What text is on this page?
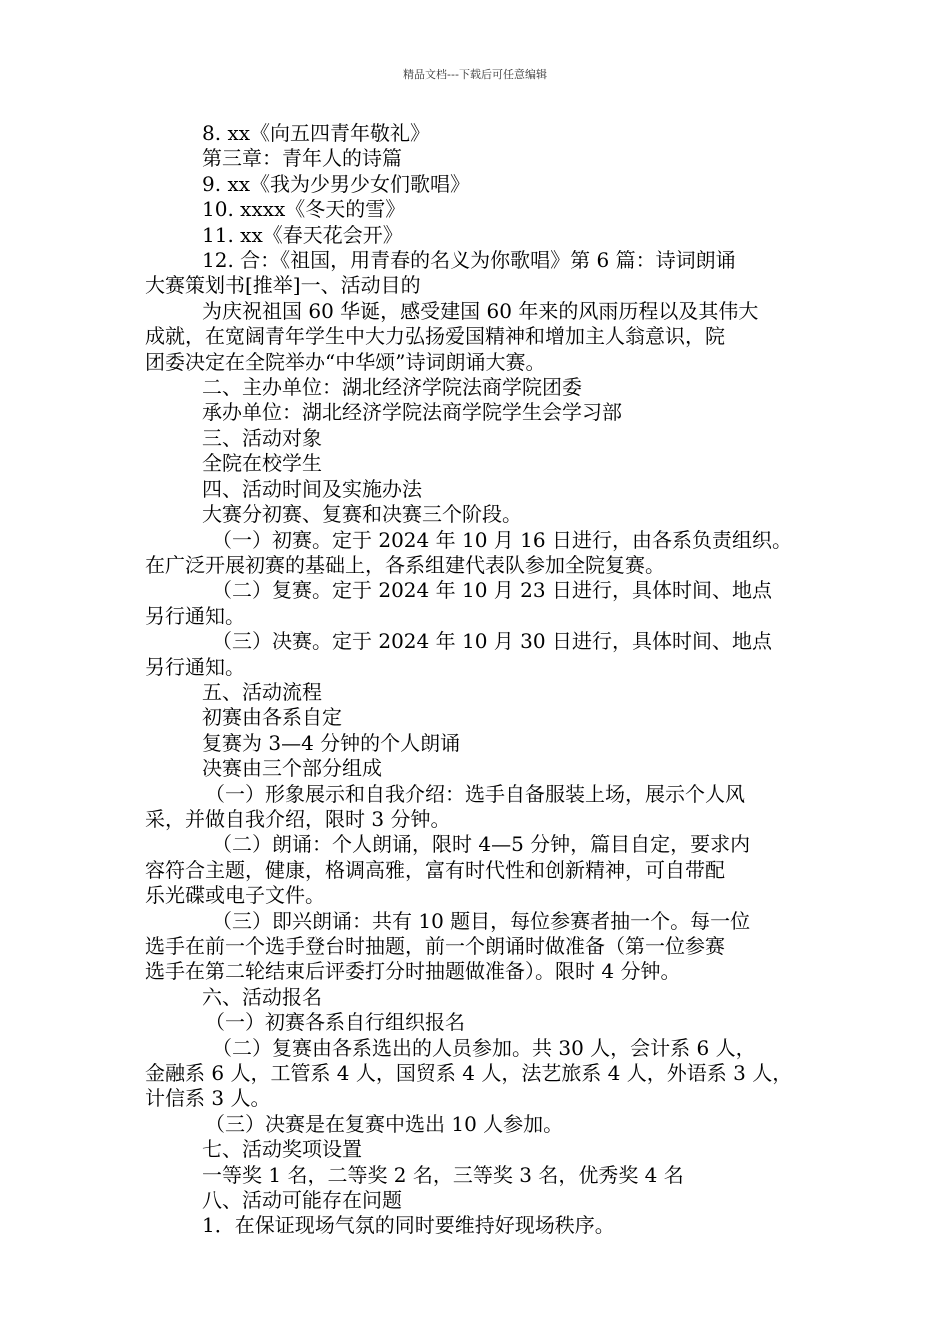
精品文档---下载后可任意编辑

8. xx《向五四青年敬礼》

第三章：青年人的诗篇

9. xx《我为少男少女们歌唱》

10. xxxx《冬天的雪》

11. xx《春天花会开》

12. 合：《祖国，用青春的名义为你歌唱》第 6 篇：诗词朗诵

大赛策划书[推举]一、活动目的

为庆祝祖国 60 华诞，感受建国 60 年来的风雨历程以及其伟大

成就，在宽阔青年学生中大力弘扬爱国精神和增加主人翁意识，院

团委决定在全院举办“中华颂”诗词朗诵大赛。

二、主办单位：湖北经济学院法商学院团委

承办单位：湖北经济学院法商学院学生会学习部

三、活动对象

全院在校学生

四、活动时间及实施办法

大赛分初赛、复赛和决赛三个阶段。

（一）初赛。定于 2024 年 10 月 16 日进行，由各系负责组织。

在广泛开展初赛的基础上，各系组建代表队参加全院复赛。

（二）复赛。定于 2024 年 10 月 23 日进行，具体时间、地点

另行通知。

（三）决赛。定于 2024 年 10 月 30 日进行，具体时间、地点

另行通知。

五、活动流程

初赛由各系自定

复赛为 3—4 分钟的个人朗诵

决赛由三个部分组成

（一）形象展示和自我介绍：选手自备服装上场，展示个人风

采，并做自我介绍，限时 3 分钟。

（二）朗诵：个人朗诵，限时 4—5 分钟，篇目自定，要求内

容符合主题，健康，格调高雅，富有时代性和创新精神，可自带配

乐光碟或电子文件。

（三）即兴朗诵：共有 10 题目，每位参赛者抽一个。每一位

选手在前一个选手登台时抽题，前一个朗诵时做准备（第一位参赛

选手在第二轮结束后评委打分时抽题做准备）。限时 4 分钟。

六、活动报名

（一）初赛各系自行组织报名

（二）复赛由各系选出的人员参加。共 30 人，会计系 6 人，

金融系 6 人，工管系 4 人，国贸系 4 人，法艺旅系 4 人，外语系 3 人，

计信系 3 人。

（三）决赛是在复赛中选出 10 人参加。

七、活动奖项设置

一等奖 1 名，二等奖 2 名，三等奖 3 名，优秀奖 4 名

八、活动可能存在问题

1．在保证现场气氛的同时要维持好现场秩序。
